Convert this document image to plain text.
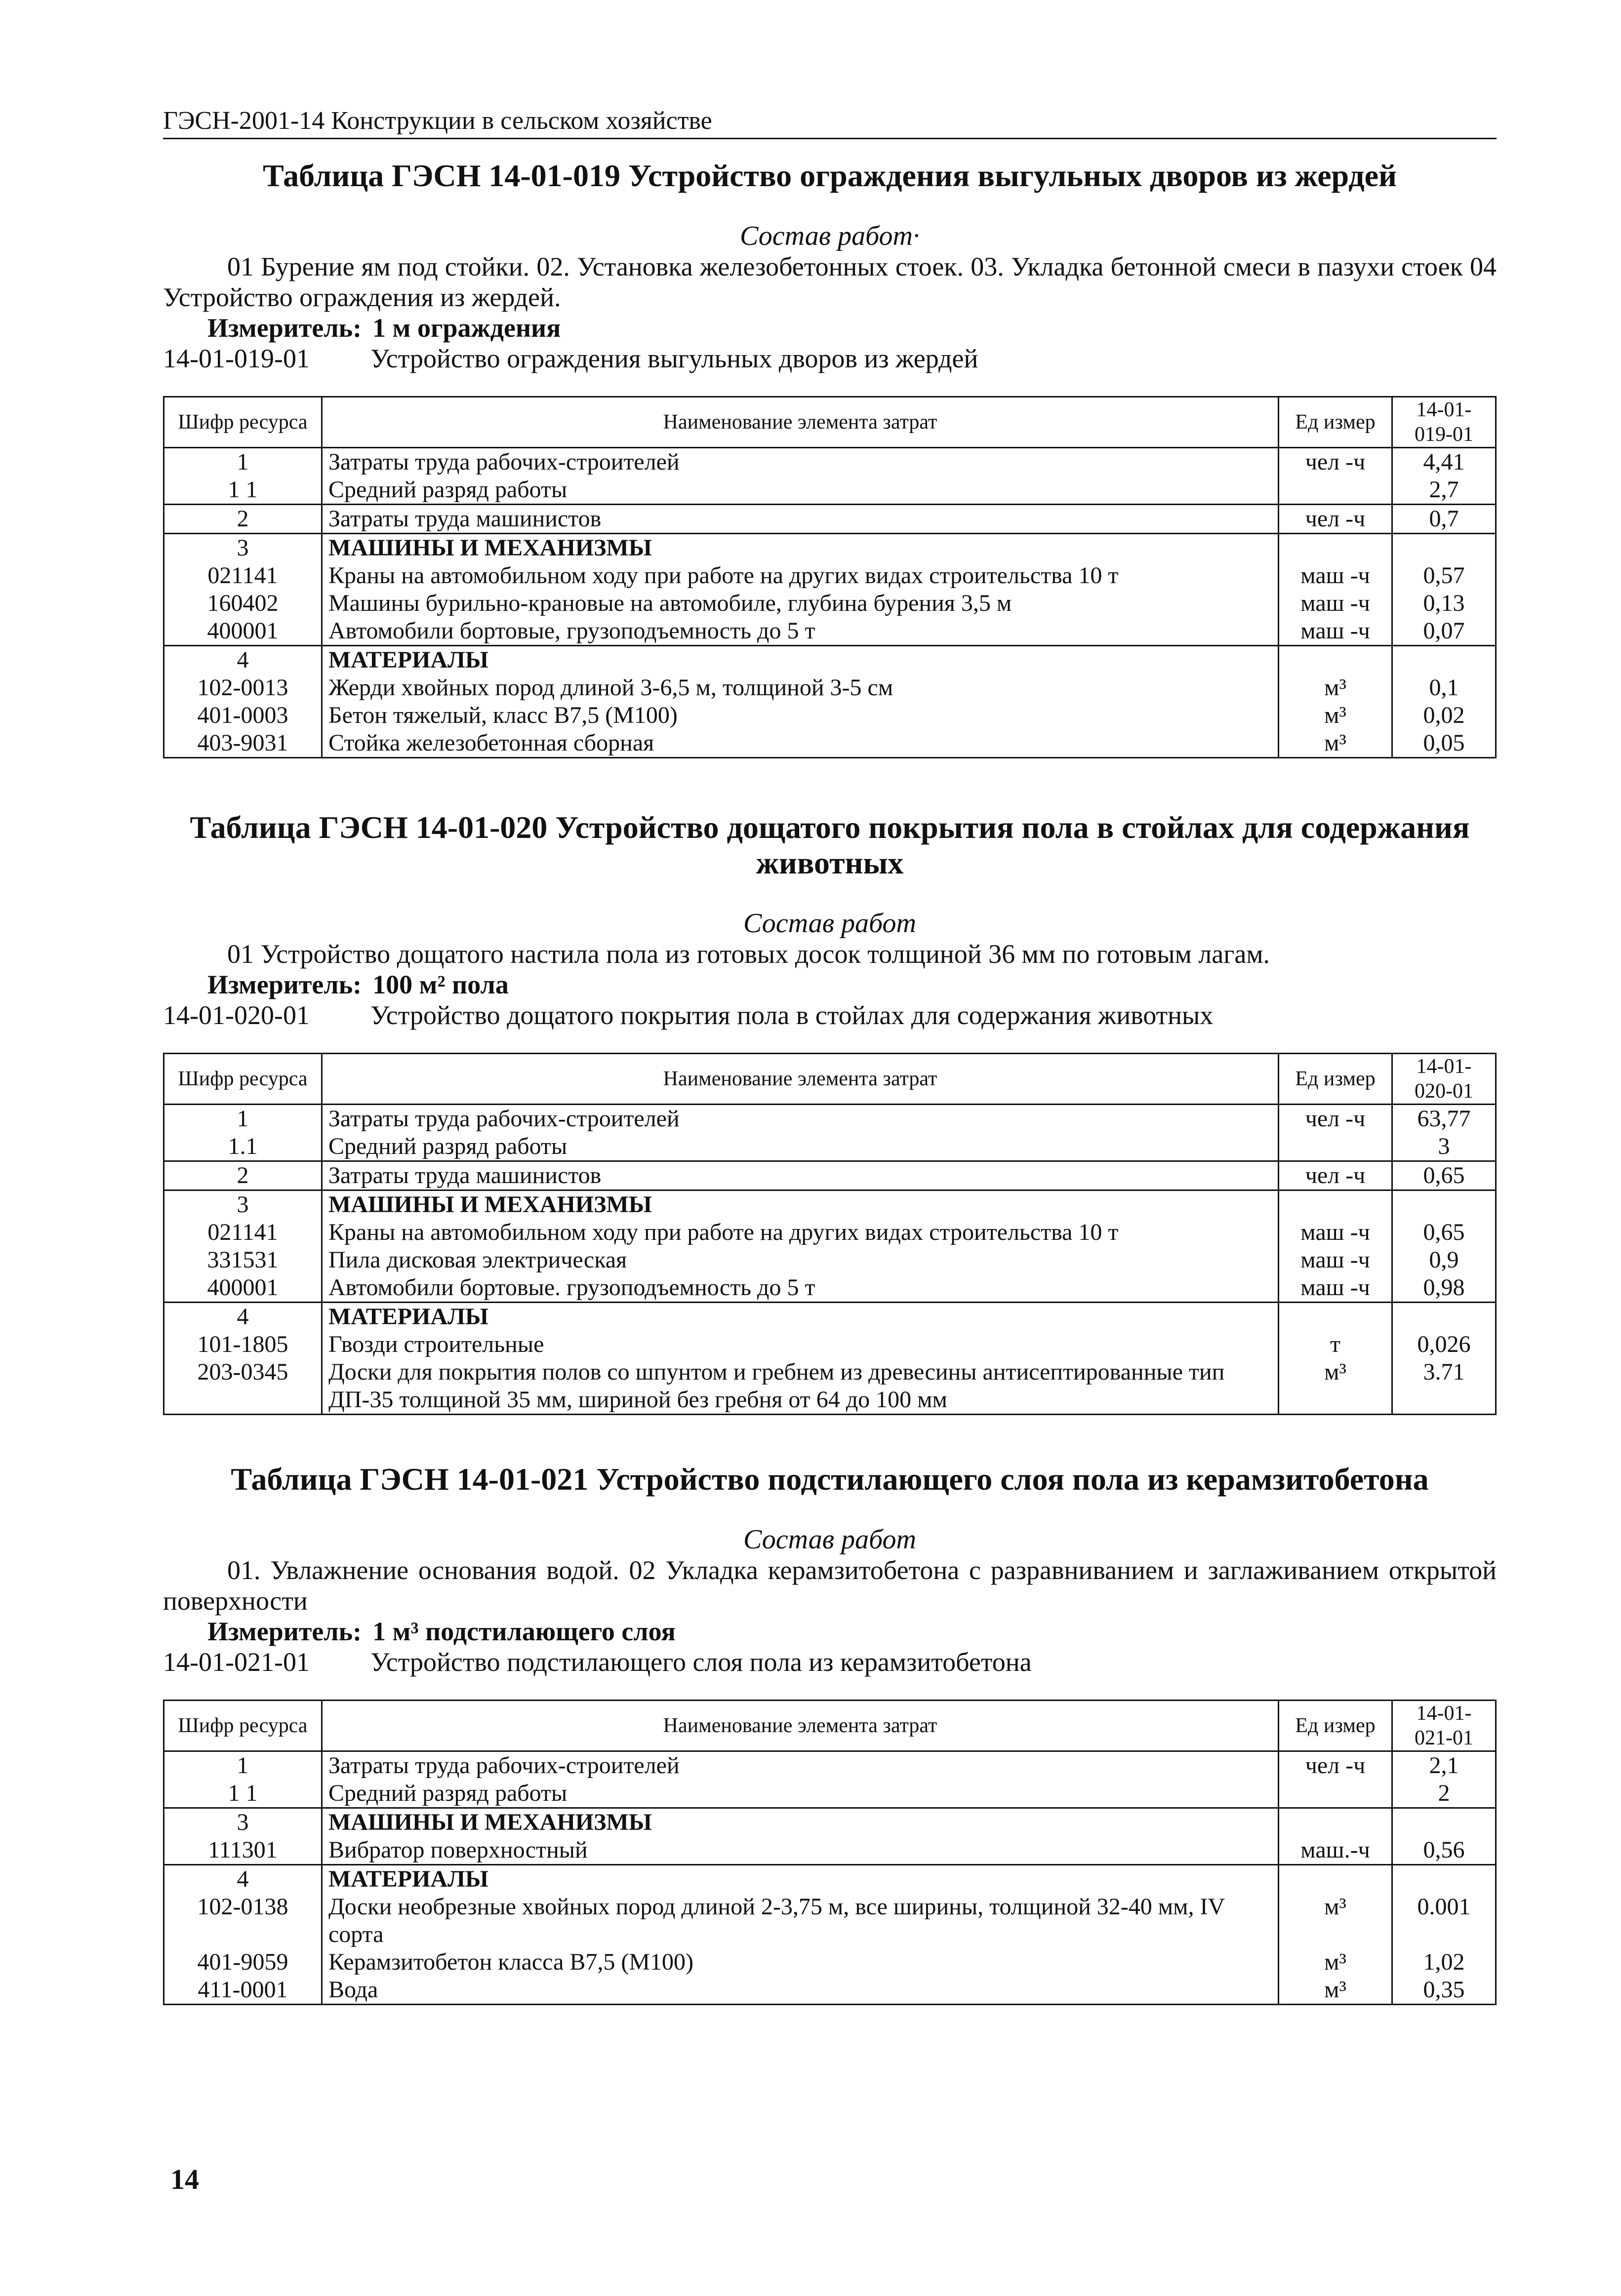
ГЭСН-2001-14 Конструкции в сельском хозяйстве
Таблица ГЭСН 14-01-019 Устройство ограждения выгульных дворов из жердей
Состав работ·
01 Бурение ям под стойки. 02. Установка железобетонных стоек. 03. Укладка бетонной смеси в пазухи стоек 04 Устройство ограждения из жердей.
Измеритель: 1 м ограждения
14-01-019-01 Устройство ограждения выгульных дворов из жердей
Шифр ресурса	Наименование элемента затрат	Ед измер	14-01-019-01
1	Затраты труда рабочих-строителей	чел -ч	4,41
1 1	Средний разряд работы		2,7
2	Затраты труда машинистов	чел -ч	0,7
3	МАШИНЫ И МЕХАНИЗМЫ		
021141	Краны на автомобильном ходу при работе на других видах строительства 10 т	маш -ч	0,57
160402	Машины бурильно-крановые на автомобиле, глубина бурения 3,5 м	маш -ч	0,13
400001	Автомобили бортовые, грузоподъемность до 5 т	маш -ч	0,07
4	МАТЕРИАЛЫ		
102-0013	Жерди хвойных пород длиной 3-6,5 м, толщиной 3-5 см	м³	0,1
401-0003	Бетон тяжелый, класс В7,5 (М100)	м³	0,02
403-9031	Стойка железобетонная сборная	м³	0,05
Таблица ГЭСН 14-01-020 Устройство дощатого покрытия пола в стойлах для содержания животных
Состав работ
01 Устройство дощатого настила пола из готовых досок толщиной 36 мм по готовым лагам.
Измеритель: 100 м² пола
14-01-020-01 Устройство дощатого покрытия пола в стойлах для содержания животных
Шифр ресурса	Наименование элемента затрат	Ед измер	14-01-020-01
1	Затраты труда рабочих-строителей	чел -ч	63,77
1.1	Средний разряд работы		3
2	Затраты труда машинистов	чел -ч	0,65
3	МАШИНЫ И МЕХАНИЗМЫ		
021141	Краны на автомобильном ходу при работе на других видах строительства 10 т	маш -ч	0,65
331531	Пила дисковая электрическая	маш -ч	0,9
400001	Автомобили бортовые. грузоподъемность до 5 т	маш -ч	0,98
4	МАТЕРИАЛЫ		
101-1805	Гвозди строительные	т	0,026
203-0345	Доски для покрытия полов со шпунтом и гребнем из древесины антисептированные тип ДП-35 толщиной 35 мм, шириной без гребня от 64 до 100 мм	м³	3.71
Таблица ГЭСН 14-01-021 Устройство подстилающего слоя пола из керамзитобетона
Состав работ
01. Увлажнение основания водой. 02 Укладка керамзитобетона с разравниванием и заглаживанием открытой поверхности
Измеритель: 1 м³ подстилающего слоя
14-01-021-01 Устройство подстилающего слоя пола из керамзитобетона
Шифр ресурса	Наименование элемента затрат	Ед измер	14-01-021-01
1	Затраты труда рабочих-строителей	чел -ч	2,1
1 1	Средний разряд работы		2
3	МАШИНЫ И МЕХАНИЗМЫ		
111301	Вибратор поверхностный	маш.-ч	0,56
4	МАТЕРИАЛЫ		
102-0138	Доски необрезные хвойных пород длиной 2-3,75 м, все ширины, толщиной 32-40 мм, IV сорта	м³	0.001
401-9059	Керамзитобетон класса В7,5 (М100)	м³	1,02
411-0001	Вода	м³	0,35
14
